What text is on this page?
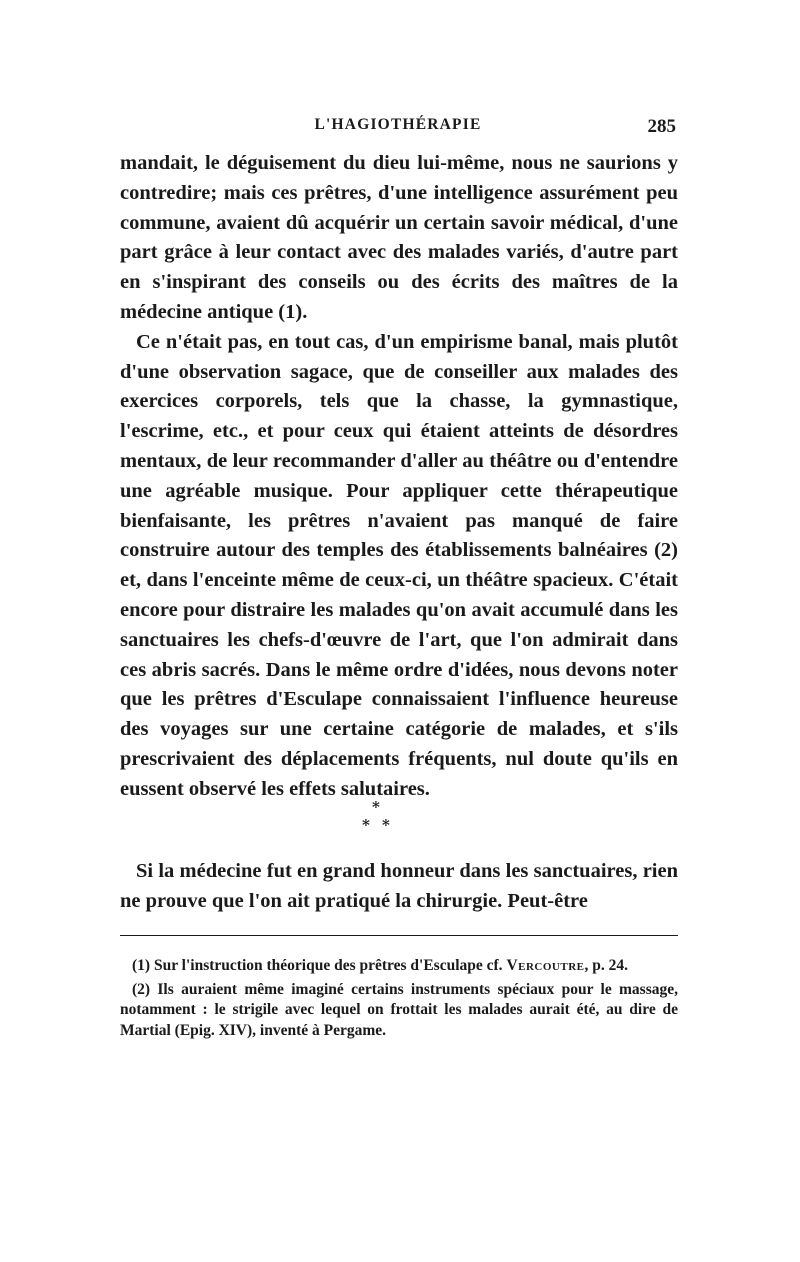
L'HAGIOTHÉRAPIE	285

mandait, le déguisement du dieu lui-même, nous ne saurions y contredire; mais ces prêtres, d'une intelligence assurément peu commune, avaient dû acquérir un certain savoir médical, d'une part grâce à leur contact avec des malades variés, d'autre part en s'inspirant des conseils ou des écrits des maîtres de la médecine antique (1).

Ce n'était pas, en tout cas, d'un empirisme banal, mais plutôt d'une observation sagace, que de conseiller aux malades des exercices corporels, tels que la chasse, la gymnastique, l'escrime, etc., et pour ceux qui étaient atteints de désordres mentaux, de leur recommander d'aller au théâtre ou d'entendre une agréable musique. Pour appliquer cette thérapeutique bienfaisante, les prêtres n'avaient pas manqué de faire construire autour des temples des établissements balnéaires (2) et, dans l'enceinte même de ceux-ci, un théâtre spacieux. C'était encore pour distraire les malades qu'on avait accumulé dans les sanctuaires les chefs-d'œuvre de l'art, que l'on admirait dans ces abris sacrés. Dans le même ordre d'idées, nous devons noter que les prêtres d'Esculape connaissaient l'influence heureuse des voyages sur une certaine catégorie de malades, et s'ils prescrivaient des déplacements fréquents, nul doute qu'ils en eussent observé les effets salutaires.

*
* *

Si la médecine fut en grand honneur dans les sanctuaires, rien ne prouve que l'on ait pratiqué la chirurgie. Peut-être

(1) Sur l'instruction théorique des prêtres d'Esculape cf. Vercoutre, p. 24.

(2) Ils auraient même imaginé certains instruments spéciaux pour le massage, notamment : le strigile avec lequel on frottait les malades aurait été, au dire de Martial (Epig. XIV), inventé à Pergame.
